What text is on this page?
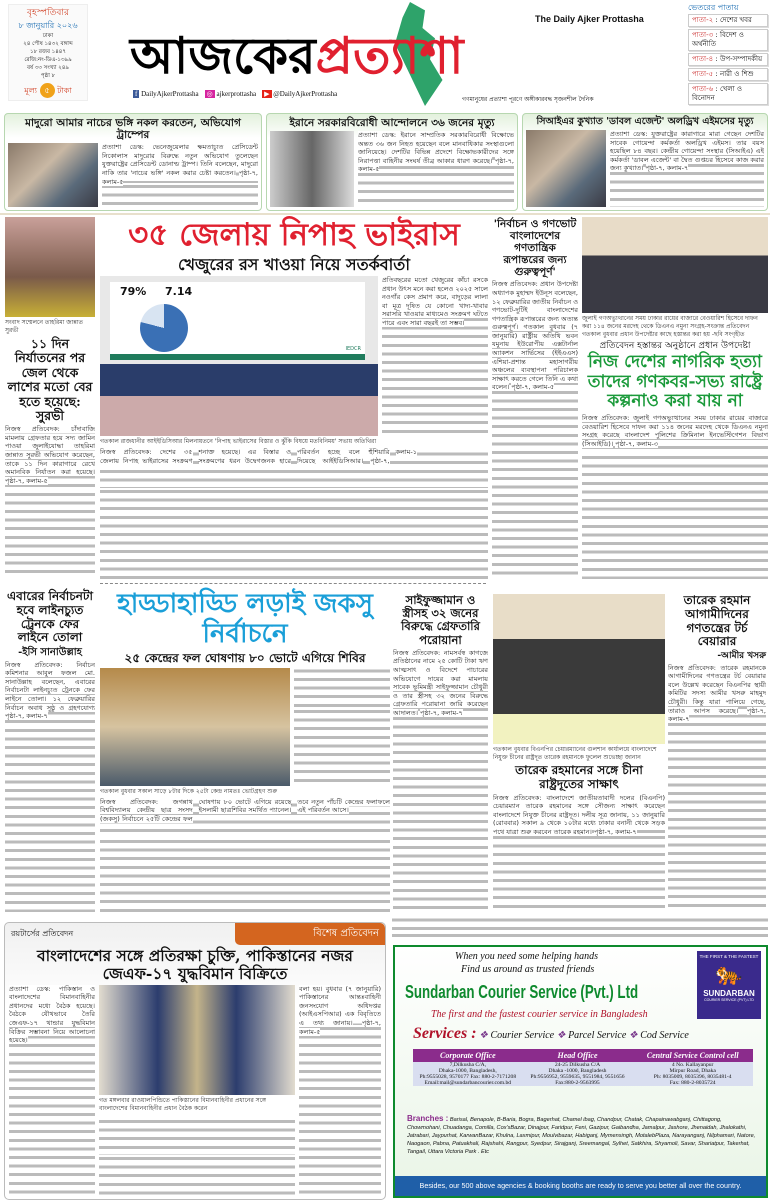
বৃহস্পতিবার
৮ জানুয়ারি ২০২৬
ঢাকা
২৪ পৌষ ১৪৩২ বঙ্গাব্দ
১৮ রজব ১৪৪৭
রেজি:নং-ডিএ-১৩৯৯
বর্ষ ৩৩ সংখ্যা ২৪৯
পৃষ্ঠা ৮
মূল্য ৫ টাকা
আজকেরপ্রত্যাশা
The Daily Ajker Prottasha
f DailyAjkerProttasha ◎ ajkerprottasha ▶ @DailyAjkerProttasha
গণমানুষের প্রত্যাশা পূরণে অঙ্গীকারবদ্ধ সৃজনশীল দৈনিক
ভেতরের পাতায়
পাতা-২ : দেশের খবর
পাতা-৩ : বিদেশ ও অর্থনীতি
পাতা-৪ : উপ-সম্পাদকীয়
পাতা-৫ : নারী ও শিশু
পাতা-৬ : খেলা ও বিনোদন
মাদুরো আমার নাচের ভঙ্গি নকল করতেন, অভিযোগ ট্রাম্পের
প্রত্যাশা ডেস্ক: ভেনেজুয়েলার ক্ষমতাচ্যুত প্রেসিডেন্ট নিকোলাস মাদুরোর বিরুদ্ধে নতুন অভিযোগ তুলেছেন যুক্তরাষ্ট্রের প্রেসিডেন্ট ডোনাল্ড ট্রাম্প। তিনি বলেছেন, মাদুরো নাকি তার 'নাচের ভঙ্গি' নকল করার চেষ্টা করতেন। পৃষ্ঠা-৭, কলাম-৫
ইরানে সরকারবিরোধী আন্দোলনে ৩৬ জনের মৃত্যু
প্রত্যাশা ডেস্ক: ইরানে সাম্প্রতিক সরকারবিরোধী বিক্ষোভে অন্তত ৩৬ জন নিহত হয়েছেন বলে মানবাধিকার সংস্থাগুলো জানিয়েছে। দেশটির বিভিন্ন প্রদেশে বিক্ষোভকারীদের সঙ্গে নিরাপত্তা বাহিনীর সংঘর্ষ তীব্র আকার ধারণ করেছে। পৃষ্ঠা-৭, কলাম-৫
সিআইএর কুখ্যাত 'ডাবল এজেন্ট' অলড্রিখ এইমসের মৃত্যু
প্রত্যাশা ডেস্ক: যুক্তরাষ্ট্রের কারাগারে মারা গেছেন দেশটির সাবেক গোয়েন্দা কর্মকর্তা অলড্রিখ এইমস। তার বয়স হয়েছিল ৮৪ বছর। কেন্দ্রীয় গোয়েন্দা সংস্থার (সিআইএ) এই কর্মকর্তা 'ডাবল এজেন্ট' বা দ্বৈত গুপ্তচর হিসেবে কাজ করার জন্য কুখ্যাত। পৃষ্ঠা-৭, কলাম-৭
সংবাদ সম্মেলনে তাহরিমা জান্নাত সুরভী
১১ দিন নির্যাতনের পর জেল থেকে লাশের মতো বের হতে হয়েছে: সুরভী
নিজস্ব প্রতিবেদক: চাঁদাবাজি মামলায় গ্রেফতার হয়ে সদ্য জামিন পাওয়া জুলাইযোদ্ধা তাহরিমা জান্নাত সুরভী অভিযোগ করেছেন, তাকে ১১ দিন কারাগারে রেখে অমানবিক নির্যাতন করা হয়েছে। পৃষ্ঠা-৭, কলাম-৫
৩৫ জেলায় নিপাহ ভাইরাস
খেজুরের রস খাওয়া নিয়ে সতর্কবার্তা
79% 7.14
IEDCR
প্রতিবছরের মতো খেজুরের কাঁচা রসকে প্রধান উৎস মনে করা হলেও ২০২৫ সালে নওগাঁর কেস প্রমাণ করে, বাদুড়ের লালা বা মূত্র দূষিত যে কোনো খাদ্য-খাবার সরাসরি খাওয়ার মাধ্যমেও সংক্রমণ ঘটতে পারে এবং সারা বছরই তা সম্ভব।
গতকাল রাজধানীর আইইডিসিআর মিলনায়তনে 'নিপাহ ভাইরাসের বিস্তার ও ঝুঁকি বিষয়ে মতবিনিময়' সভায় অতিথিরা
নিজস্ব প্রতিবেদক: দেশের ৩৫ জেলায় নিপাহ ভাইরাসের সংক্রমণ শনাক্ত হয়েছে। এর বিস্তার ও সংক্রমণের ধরন উদ্বেগজনক হারে পরিবর্তন হচ্ছে বলে হুঁশিয়ারি দিয়েছে আইইডিসিআর। পৃষ্ঠা-৭, কলাম-১
'নির্বাচন ও গণভোট বাংলাদেশের গণতান্ত্রিক রূপান্তরের জন্য গুরুত্বপূর্ণ'
নিজস্ব প্রতিবেদক: প্রধান উপদেষ্টা অধ্যাপক মুহাম্মদ ইউনূস বলেছেন, ১২ ফেব্রুয়ারির জাতীয় নির্বাচন ও গণভোট-দুটিই বাংলাদেশের গণতান্ত্রিক রূপান্তরের জন্য অত্যন্ত গুরুত্বপূর্ণ। গতকাল বুধবার (৭ জানুয়ারি) রাষ্ট্রীয় অতিথি ভবন যমুনায় ইউরোপীয় এক্সটার্নাল অ্যাকশন সার্ভিসের (ইইএএস) এশিয়া-প্রশান্ত মহাসাগরীয় অঞ্চলের ব্যবস্থাপনা পরিচালক সাক্ষাৎ করতে গেলে তিনি এ কথা বলেন। পৃষ্ঠা-৭, কলাম-৫
জুলাই গণঅভ্যুত্থানের সময় ঢাকার রায়ের বাজারে বেওয়ারিশ হিসেবে দাফন করা ১১৪ জনের মরদেহ থেকে ডিএনএ নমুনা সংগ্রহ-সংক্রান্ত প্রতিবেদন গতকাল বুধবার প্রধান উপদেষ্টার কাছে হস্তান্তর করা হয় -ছবি সংগৃহীত
প্রতিবেদন হস্তান্তর অনুষ্ঠানে প্রধান উপদেষ্টা
নিজ দেশের নাগরিক হত্যা তাদের গণকবর-সভ্য রাষ্ট্রে কল্পনাও করা যায় না
নিজস্ব প্রতিবেদক: জুলাই গণঅভ্যুত্থানের সময় ঢাকার রায়ের বাজারে বেওয়ারিশ হিসেবে দাফন করা ১১৪ জনের মরদেহ থেকে ডিএনএ নমুনা সংগ্রহ করেছে বাংলাদেশ পুলিশের ক্রিমিনাল ইনভেস্টিগেশন বিভাগ (সিআইডি)। পৃষ্ঠা-৭, কলাম-৩
এবারের নির্বাচনটা হবে লাইনচ্যুত ট্রেনকে ফের লাইনে তোলা
-ইসি সানাউল্লাহ
নিজস্ব প্রতিবেদক: নির্বাচন কমিশনার আবুল ফজল মো. সানাউল্লাহ বলেছেন, এবারের নির্বাচনটা লাইনচ্যুত ট্রেনকে ফের লাইনে তোলা। ১২ ফেব্রুয়ারির নির্বাচন অবাধ সুষ্ঠু ও গ্রহণযোগ্য পৃষ্ঠা-৭, কলাম-৭
হাড্ডাহাড্ডি লড়াই জকসু নির্বাচনে
২৫ কেন্দ্রের ফল ঘোষণায় ৮০ ভোটে এগিয়ে শিবির
গতকাল বুধবার সকাল সাড়ে ৮টার দিকে ২৫টা কেন্দ্র নামতঃ ভোটগ্রহণ শুরু
নিজস্ব প্রতিবেদক: জগন্নাথ বিশ্ববিদ্যালয় কেন্দ্রীয় ছাত্র সংসদ (জকসু) নির্বাচনে ২৫টি কেন্দ্রের ফল ঘোষণায় ৮০ ভোটে এগিয়ে রয়েছে ইসলামী ছাত্রশিবির সমর্থিত প্যানেল। তবে নতুন পাঁচটি কেন্দ্রের ফলাফলে এই পরিবর্তন আসে।
সাইফুজ্জামান ও স্ত্রীসহ ৩২ জনের বিরুদ্ধে গ্রেফতারি পরোয়ানা
নিজস্ব প্রতিবেদক: নামসর্বস্ব কাগজে প্রতিষ্ঠানের নামে ২৫ কোটি টাকা ঋণ আত্মসাৎ ও বিদেশে পাচারের অভিযোগে দায়ের করা মামলায় সাবেক ভূমিমন্ত্রী সাইফুজ্জামান চৌধুরী ও তার স্ত্রীসহ ৩২ জনের বিরুদ্ধে গ্রেফতারি পরোয়ানা জারি করেছেন আদালত। পৃষ্ঠা-৭, কলাম-৭
গতকাল বুধবার বিএনপির চেয়ারম্যানের গুলশান কার্যালয়ে বাংলাদেশে নিযুক্ত চীনের রাষ্ট্রদূত তারেক রহমানকে ফুলেল শুভেচ্ছা জানান
তারেক রহমানের সঙ্গে চীনা রাষ্ট্রদূতের সাক্ষাৎ
নিজস্ব প্রতিবেদক: বাংলাদেশে জাতীয়তাবাদী দলের (বিএনপি) চেয়ারম্যান তারেক রহমানের সঙ্গে সৌজন্য সাক্ষাৎ করেছেন বাংলাদেশে নিযুক্ত চীনের রাষ্ট্রদূত। দলীয় সূত্র জানায়, ১১ জানুয়ারি (রোববার) সকাল ৯ থেকে ১০টার মধ্যে ঢাকার বনানী থেকে সড়ক পথে যাত্রা শুরু করবেন তারেক রহমান। পৃষ্ঠা-৭, কলাম-৭
তারেক রহমান আগামীদিনের গণতন্ত্রের টর্চ বেয়ারার
-আমীর খসরু
নিজস্ব প্রতিবেদক: তারেক রহমানকে আগামীদিনের গণতন্ত্রের টর্চ বেয়ারার বলে উল্লেখ করেছেন বিএনপির স্থায়ী কমিটির সদস্য আমীর খসরু মাহমুদ চৌধুরী। কিন্তু যারা পালিয়ে গেছে, তারাও আপস করেছে। পৃষ্ঠা-৭, কলাম-৭
রয়টার্সের প্রতিবেদন	বিশেষ প্রতিবেদন
বাংলাদেশের সঙ্গে প্রতিরক্ষা চুক্তি, পাকিস্তানের নজর জেএফ-১৭ যুদ্ধবিমান বিক্রিতে
প্রত্যাশা ডেস্ক: পাকিস্তান ও বাংলাদেশের বিমানবাহিনীর প্রধানদের মধ্যে বৈঠক হয়েছে। বৈঠকে যৌথভাবে তৈরি জেএফ-১৭ থান্ডার যুদ্ধবিমান বিক্রির সম্ভাবনা নিয়ে আলোচনা হয়েছে।
গত মঙ্গলবার রাওয়ালপিন্ডিতে পাকিস্তানের বিমানবাহিনীর প্রধানের সঙ্গে বাংলাদেশের বিমানবাহিনীর প্রধান বৈঠক করেন
বলা হয়। বুধবার (৭ জানুয়ারি) পাকিস্তানের আন্তঃবাহিনী জনসংযোগ অধিদপ্তর (আইএসপিআর) এক বিবৃতিতে এ তথ্য জানায়। পৃষ্ঠা-৭, কলাম-৫
When you need some helping hands
Find us around as trusted friends
Sundarban Courier Service (Pvt.) Ltd
The first and the fastest courier service in Bangladesh
THE FIRST & THE FASTEST
🐅
SUNDARBAN
COURIER SERVICE (PVT) LTD
Services : ❖ Courier Service ❖ Parcel Service ❖ Cod Service
Corporate Office
7,Dilkusha C/A,
Dhaka-1000, Bangladesh,
Ph:9555028, 9570177 Fax: 880-2-7171208
Email:mail@sundarbancourier.com.bd
Head Office
24-25 Dilkusha C/A
Dhaka -1000, Bangladesh
Ph:9556952, 9559635, 9551984, 9551656
Fax:880-2-9563995
Central Service Control cell
4 No. Kallayanpur
Mirpur Road, Dhaka
Ph: 8035009, 8035396, 8035481-4
Fax: 880-2-8035724
Branches : Barisal, Benapole, B-Baria, Bogra, Bagerhat, Chamel ibag, Chandpur, Chatak, Chapainawabganj, Chittagong, Chowmohani, Chuadanga, Comilla, Cox'sBazar, Dinajpur, Faridpur, Feni, Gazipur, Gaibandha, Jamalpur, Jashore, Jhenaidah, Jhalokathi, Jatrabari, Jaypurhat, KarwanBazar, Khulna, Laxmipur, Moulvibazar, Habiganj, Mymensingh, MotalebPlaza, Narayanganj, Nilphamari, Natore, Naogaon, Pabna, Patuakhali, Rajshahi, Rangpur, Syedpur, Sirajganj, Sreemangal, Sylhet, Satkhira, Shyamoli, Savar, Shariatpur, Takerhat, Tangail, Uttara Victoria Park . Etc
Besides, our 500 above agencies & booking booths are ready to serve you better all over the country.
